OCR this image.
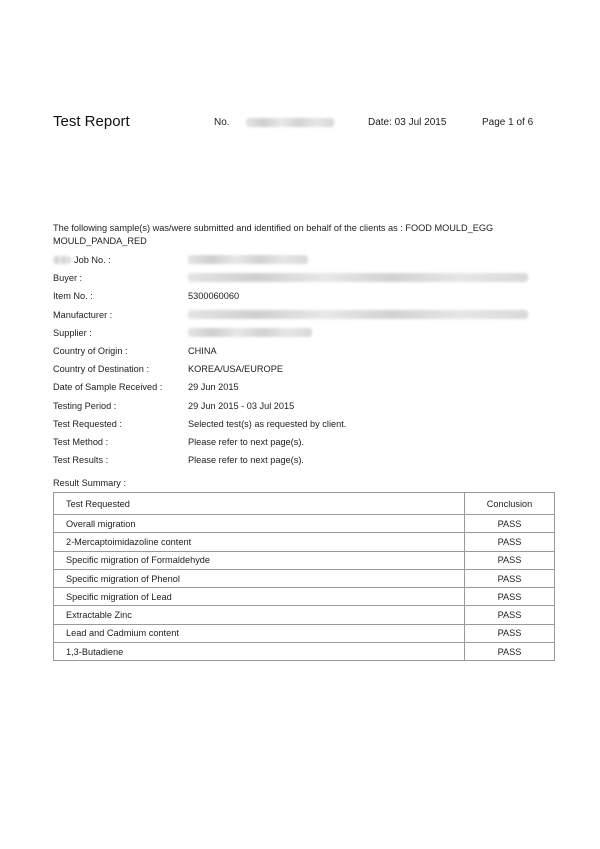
Test Report	No.	Date: 03 Jul 2015	Page 1 of 6
The following sample(s) was/were submitted and identified on behalf of the clients as : FOOD MOULD_EGG MOULD_PANDA_RED
Job No. :
Buyer :
Item No. :	5300060060
Manufacturer :
Supplier :
Country of Origin :	CHINA
Country of Destination :	KOREA/USA/EUROPE
Date of Sample Received :	29 Jun 2015
Testing Period :	29 Jun 2015 - 03 Jul 2015
Test Requested :	Selected test(s) as requested by client.
Test Method :	Please refer to next page(s).
Test Results :	Please refer to next page(s).
Result Summary :
Test Requested	Conclusion
Overall migration	PASS
2-Mercaptoimidazoline content	PASS
Specific migration of Formaldehyde	PASS
Specific migration of Phenol	PASS
Specific migration of Lead	PASS
Extractable Zinc	PASS
Lead and Cadmium content	PASS
1,3-Butadiene	PASS
